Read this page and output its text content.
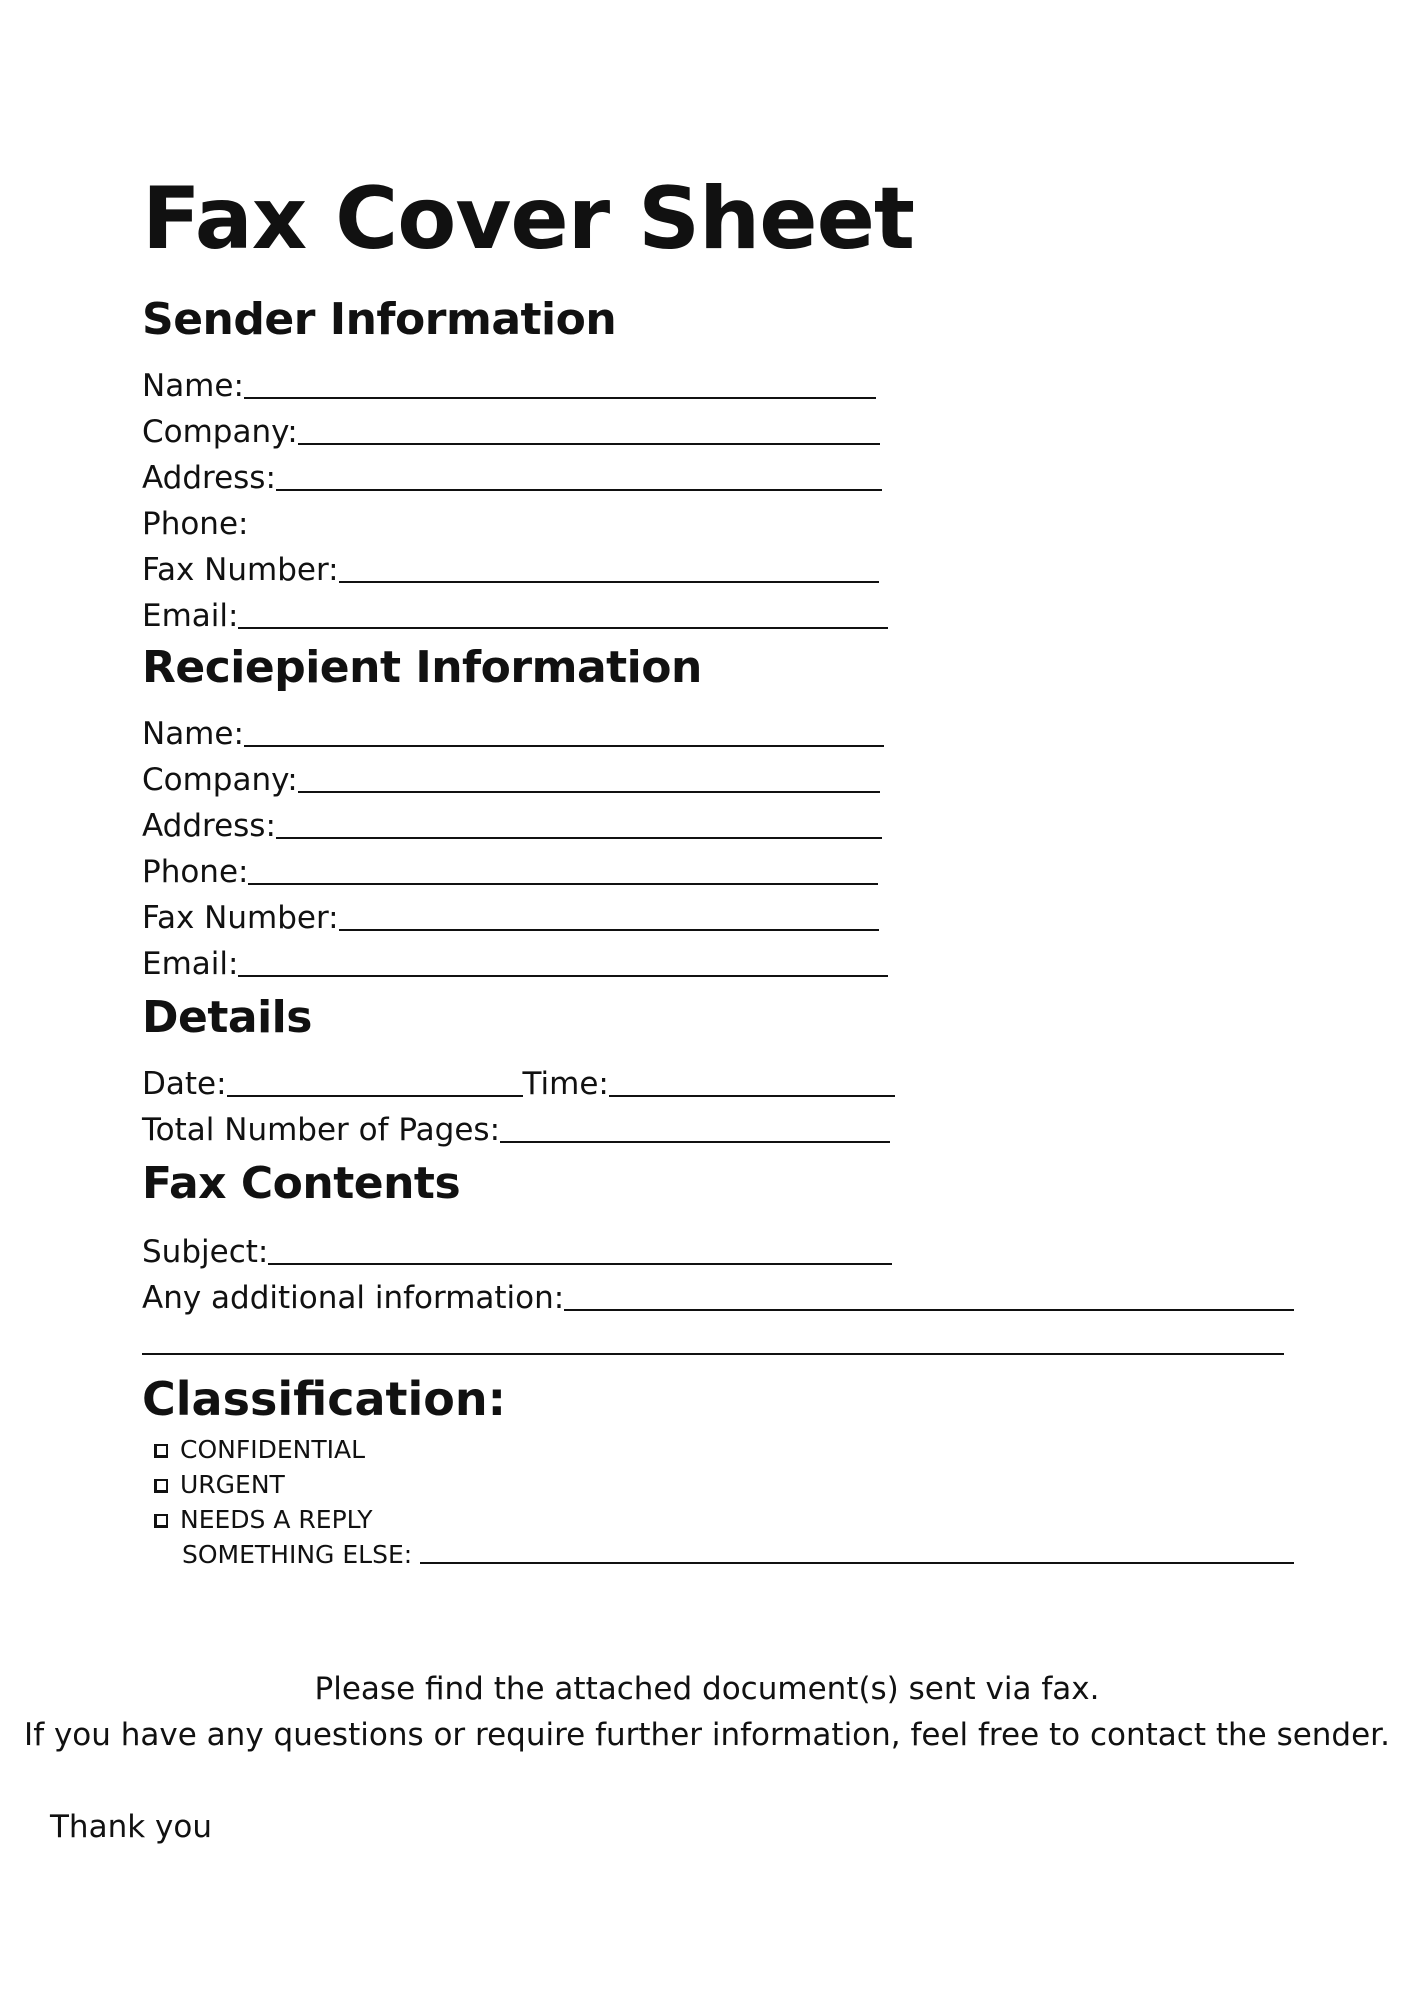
Fax Cover Sheet
Sender Information
Name:
Company:
Address:
Phone:
Fax Number:
Email:
Reciepient Information
Name:
Company:
Address:
Phone:
Fax Number:
Email:
Details
Date:	Time:
Total Number of Pages:
Fax Contents
Subject:
Any additional information:
Classification:
CONFIDENTIAL
URGENT
NEEDS A REPLY
SOMETHING ELSE:

Please find the attached document(s) sent via fax.

If you have any questions or require further information, feel free to contact the sender.

Thank you
